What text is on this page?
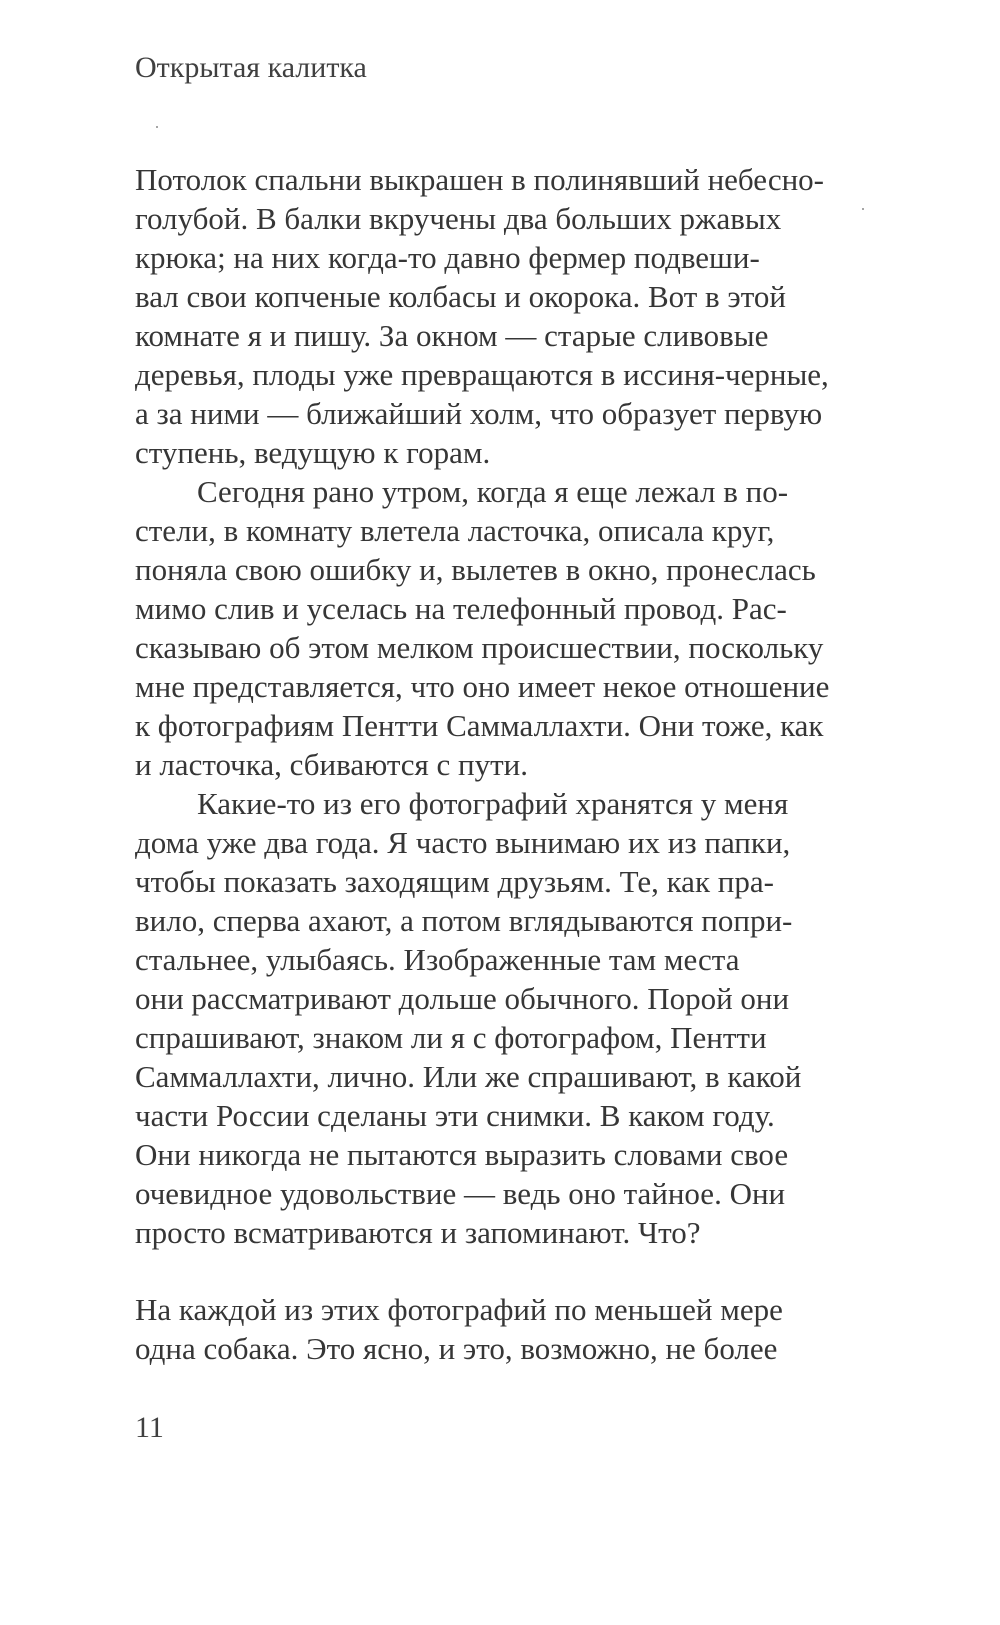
Открытая калитка
Потолок спальни выкрашен в полинявший небесно-
голубой. В балки вкручены два больших ржавых
крюка; на них когда-то давно фермер подвеши-
вал свои копченые колбасы и окорока. Вот в этой
комнате я и пишу. За окном — старые сливовые
деревья, плоды уже превращаются в иссиня-черные,
а за ними — ближайший холм, что образует первую
ступень, ведущую к горам.
Сегодня рано утром, когда я еще лежал в по-
стели, в комнату влетела ласточка, описала круг,
поняла свою ошибку и, вылетев в окно, пронеслась
мимо слив и уселась на телефонный провод. Рас-
сказываю об этом мелком происшествии, поскольку
мне представляется, что оно имеет некое отношение
к фотографиям Пентти Саммаллахти. Они тоже, как
и ласточка, сбиваются с пути.
Какие-то из его фотографий хранятся у меня
дома уже два года. Я часто вынимаю их из папки,
чтобы показать заходящим друзьям. Те, как пра-
вило, сперва ахают, а потом вглядываются попри-
стальнее, улыбаясь. Изображенные там места
они рассматривают дольше обычного. Порой они
спрашивают, знаком ли я с фотографом, Пентти
Саммаллахти, лично. Или же спрашивают, в какой
части России сделаны эти снимки. В каком году.
Они никогда не пытаются выразить словами свое
очевидное удовольствие — ведь оно тайное. Они
просто всматриваются и запоминают. Что?
На каждой из этих фотографий по меньшей мере
одна собака. Это ясно, и это, возможно, не более
11
